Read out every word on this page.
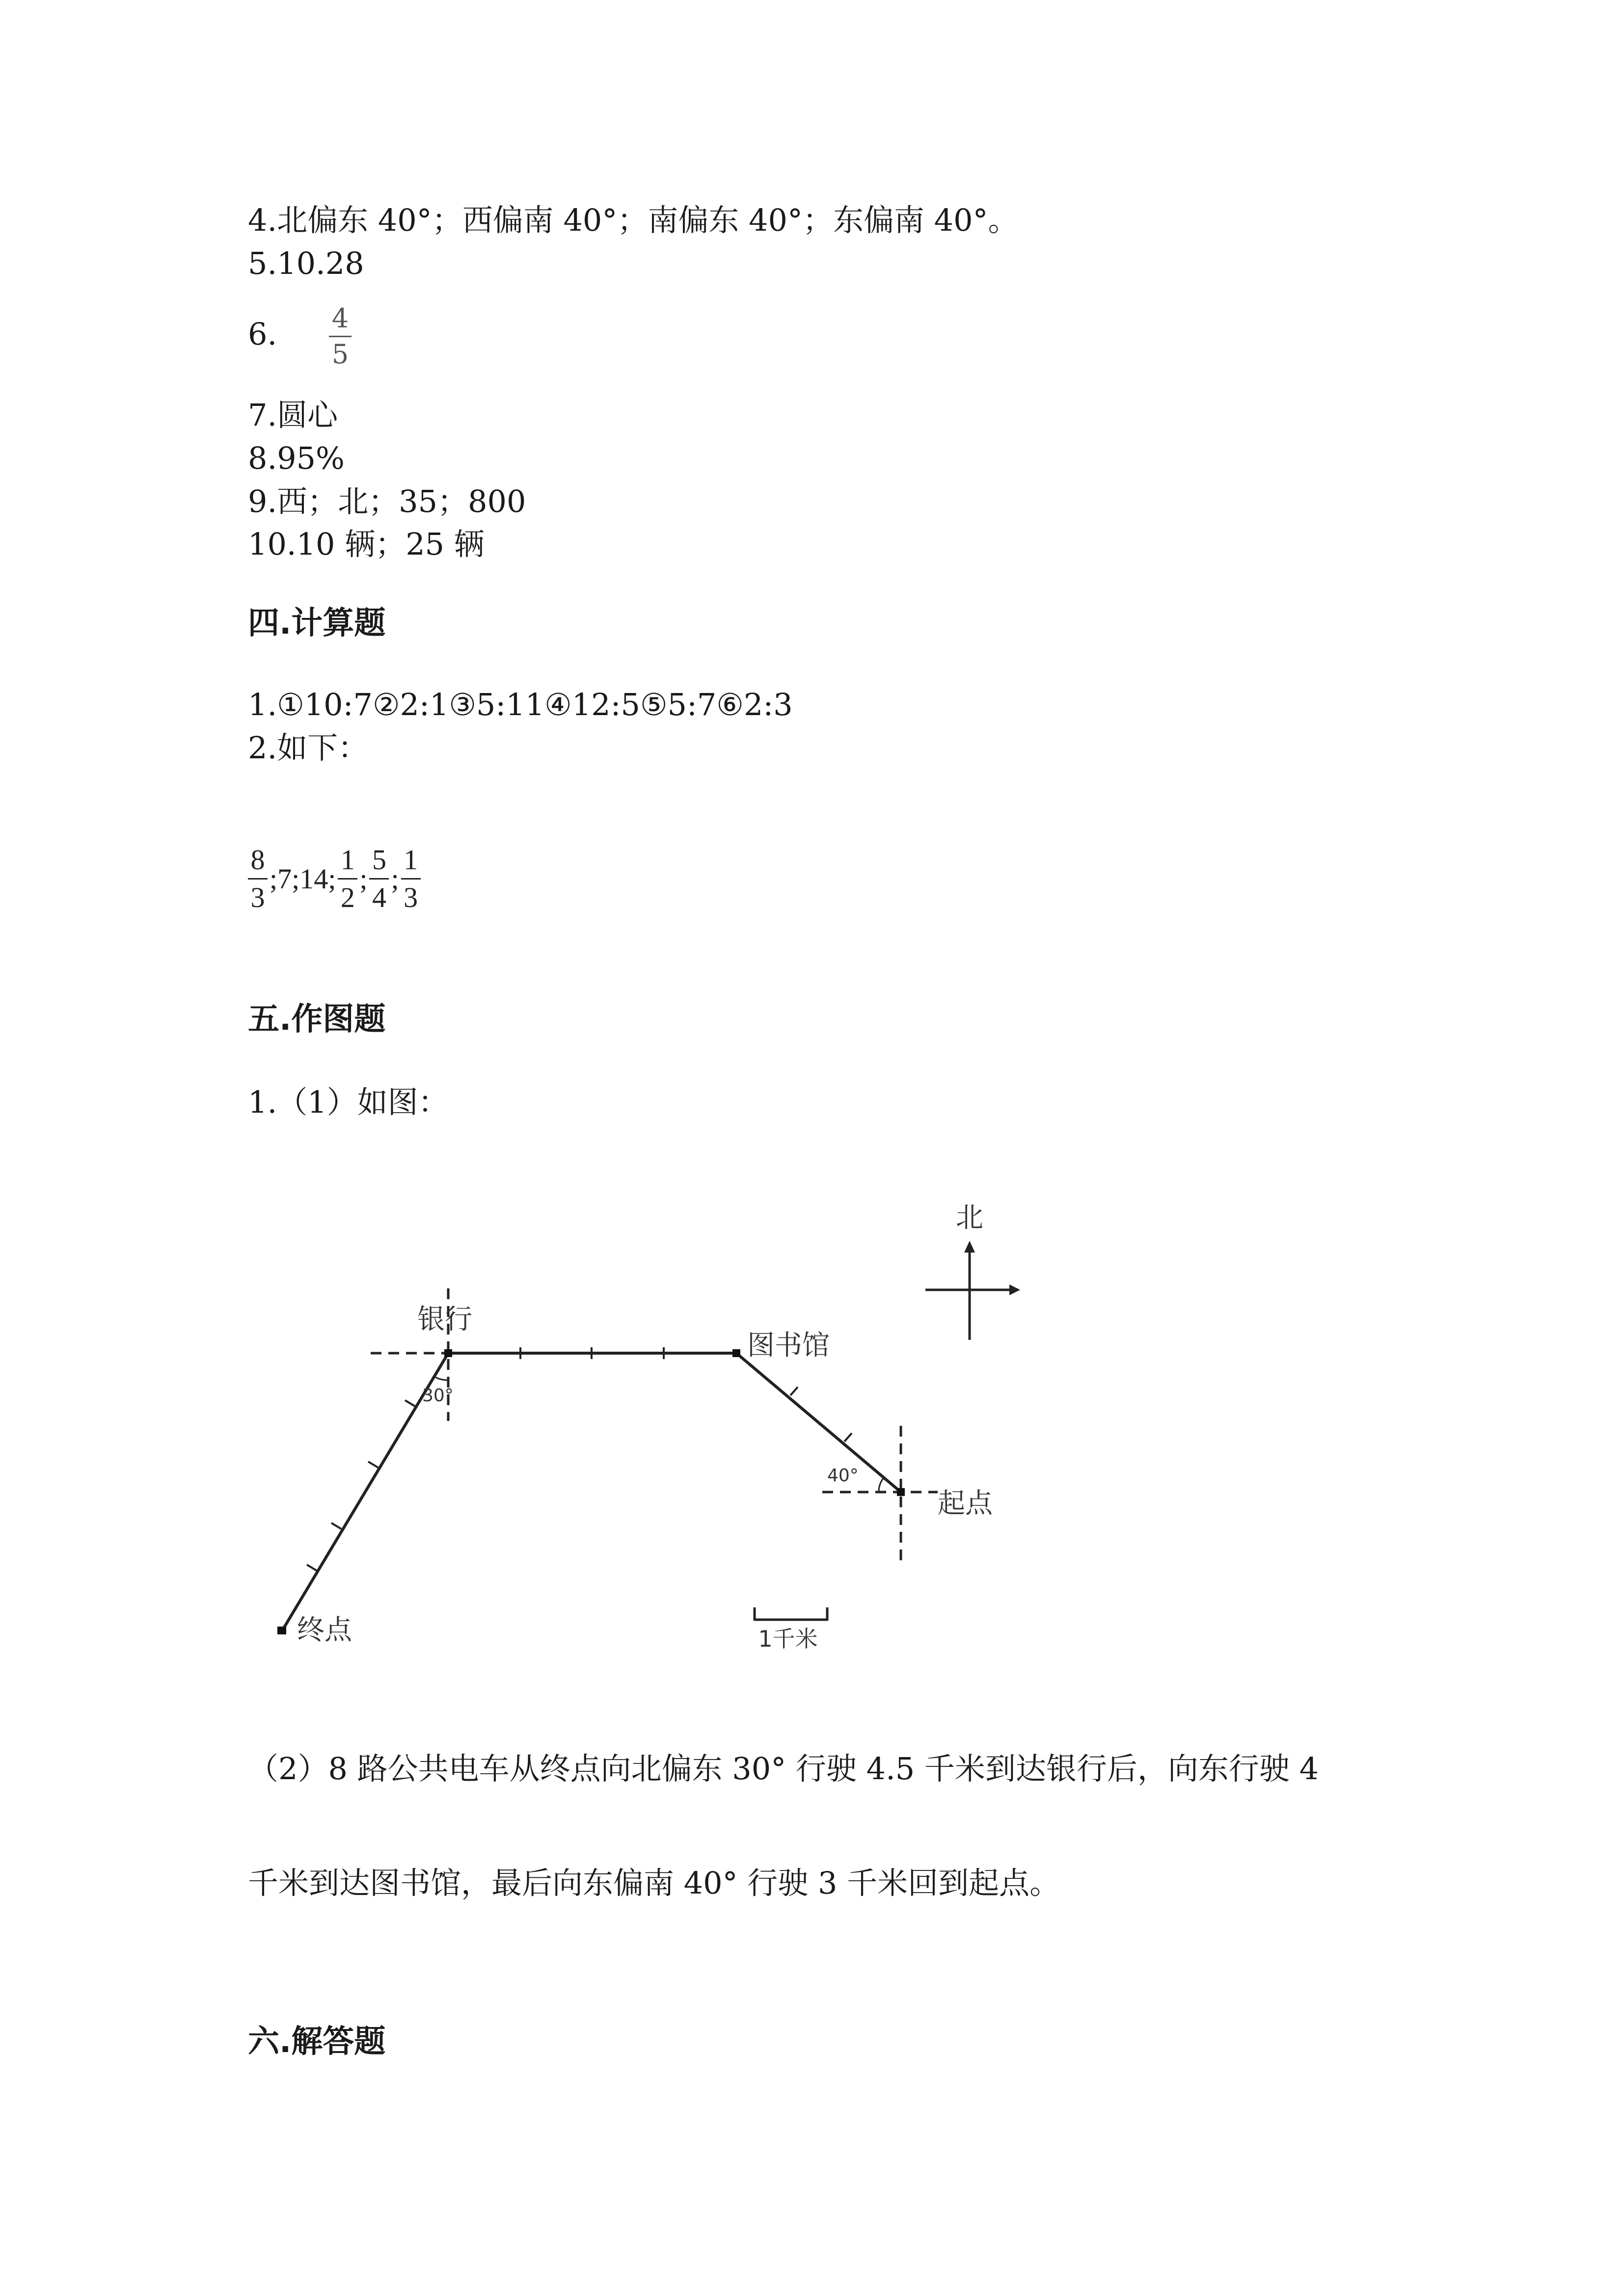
4.北偏东 40°；西偏南 40°；南偏东 40°；东偏南 40°。
5.10.28
6. 4
5
7.圆心
8.95%
9.西；北；35；800
10.10 辆；25 辆
四.计算题
1.①10:7②2:1③5:11④12:5⑤5:7⑥2:3
2.如下：
8
3
;7;14;
1
2
;
5
4
;
1
3
五.作图题
1.（1）如图：
北
银行
图书馆
起点
终点
30°
40°
1千米
（2）8 路公共电车从终点向北偏东 30° 行驶 4.5 千米到达银行后，向东行驶 4
千米到达图书馆，最后向东偏南 40° 行驶 3 千米回到起点。
六.解答题
